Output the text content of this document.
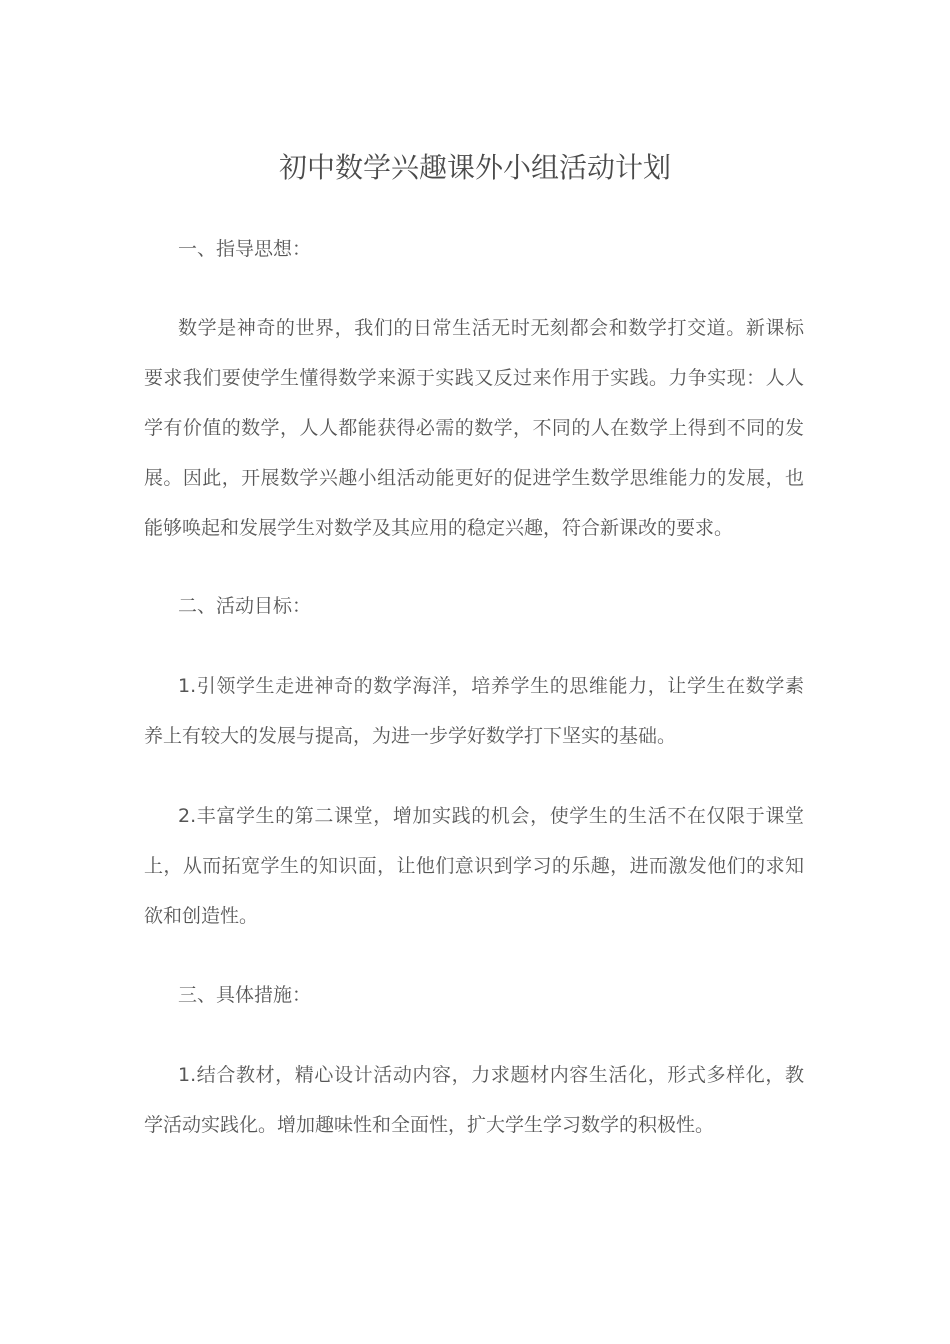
初中数学兴趣课外小组活动计划

一、指导思想：

数学是神奇的世界，我们的日常生活无时无刻都会和数学打交道。新课标要求我们要使学生懂得数学来源于实践又反过来作用于实践。力争实现：人人学有价值的数学，人人都能获得必需的数学，不同的人在数学上得到不同的发展。因此，开展数学兴趣小组活动能更好的促进学生数学思维能力的发展，也能够唤起和发展学生对数学及其应用的稳定兴趣，符合新课改的要求。

二、活动目标：

1.引领学生走进神奇的数学海洋，培养学生的思维能力，让学生在数学素养上有较大的发展与提高，为进一步学好数学打下坚实的基础。

2.丰富学生的第二课堂，增加实践的机会，使学生的生活不在仅限于课堂上，从而拓宽学生的知识面，让他们意识到学习的乐趣，进而激发他们的求知欲和创造性。

三、具体措施：

1.结合教材，精心设计活动内容，力求题材内容生活化，形式多样化，教学活动实践化。增加趣味性和全面性，扩大学生学习数学的积极性。
